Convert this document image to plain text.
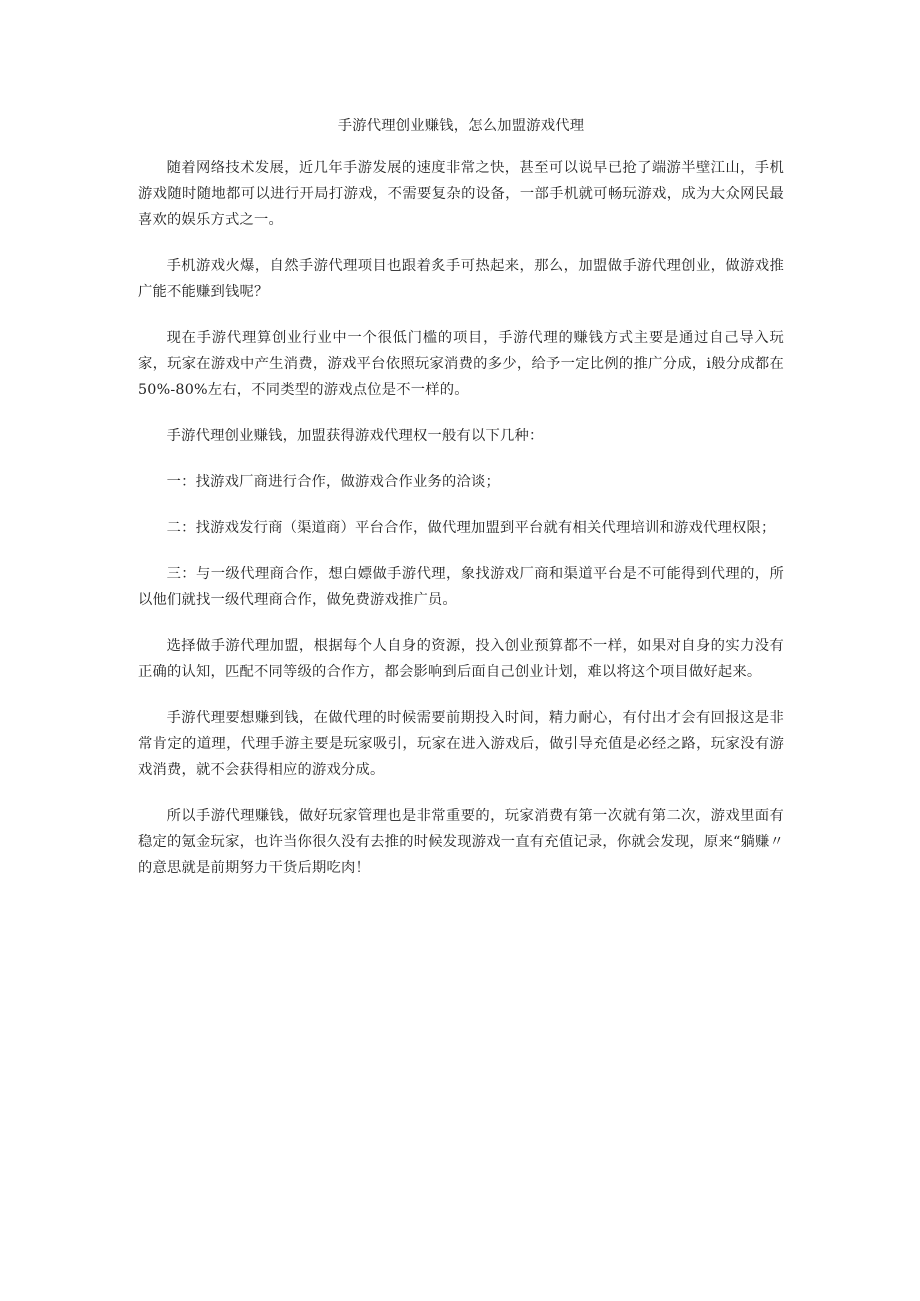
手游代理创业赚钱，怎么加盟游戏代理

随着网络技术发展，近几年手游发展的速度非常之快，甚至可以说早已抢了端游半壁江山，手机游戏随时随地都可以进行开局打游戏，不需要复杂的设备，一部手机就可畅玩游戏，成为大众网民最喜欢的娱乐方式之一。

手机游戏火爆，自然手游代理项目也跟着炙手可热起来，那么，加盟做手游代理创业，做游戏推广能不能赚到钱呢？

现在手游代理算创业行业中一个很低门槛的项目，手游代理的赚钱方式主要是通过自己导入玩家，玩家在游戏中产生消费，游戏平台依照玩家消费的多少，给予一定比例的推广分成，i般分成都在50%-80%左右，不同类型的游戏点位是不一样的。

手游代理创业赚钱，加盟获得游戏代理权一般有以下几种：

一：找游戏厂商进行合作，做游戏合作业务的洽谈；

二：找游戏发行商（渠道商）平台合作，做代理加盟到平台就有相关代理培训和游戏代理权限；

三：与一级代理商合作，想白嫖做手游代理，象找游戏厂商和渠道平台是不可能得到代理的，所以他们就找一级代理商合作，做免费游戏推广员。

选择做手游代理加盟，根据每个人自身的资源，投入创业预算都不一样，如果对自身的实力没有正确的认知，匹配不同等级的合作方，都会影响到后面自己创业计划，难以将这个项目做好起来。

手游代理要想赚到钱，在做代理的时候需要前期投入时间，精力耐心，有付出才会有回报这是非常肯定的道理，代理手游主要是玩家吸引，玩家在进入游戏后，做引导充值是必经之路，玩家没有游戏消费，就不会获得相应的游戏分成。

所以手游代理赚钱，做好玩家管理也是非常重要的，玩家消费有第一次就有第二次，游戏里面有稳定的氪金玩家，也许当你很久没有去推的时候发现游戏一直有充值记录，你就会发现，原来“躺赚〃的意思就是前期努力干货后期吃肉！
